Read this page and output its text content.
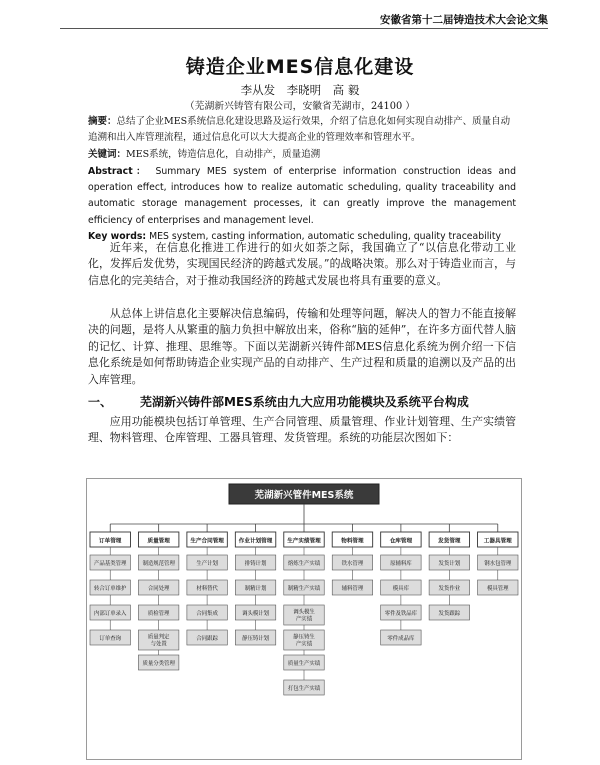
安徽省第十二届铸造技术大会论文集
铸造企业MES信息化建设
李从发　李晓明　高 毅
（芜湖新兴铸管有限公司，安徽省芜湖市，24100 ）
摘要：总结了企业MES系统信息化建设思路及运行效果，介绍了信息化如何实现自动排产、质量自动追溯和出入库管理流程，通过信息化可以大大提高企业的管理效率和管理水平。
关键词：MES系统，铸造信息化，自动排产，质量追溯
Abstract： Summary MES system of enterprise information construction ideas and operation effect, introduces how to realize automatic scheduling, quality traceability and automatic storage management processes, it can greatly improve the management efficiency of enterprises and management level.
Key words: MES system, casting information, automatic scheduling, quality traceability

近年来，在信息化推进工作进行的如火如荼之际，我国确立了“以信息化带动工业化，发挥后发优势，实现国民经济的跨越式发展。”的战略决策。那么对于铸造业而言，与信息化的完美结合，对于推动我国经济的跨越式发展也将具有重要的意义。

从总体上讲信息化主要解决信息编码，传输和处理等问题，解决人的智力不能直接解决的问题，是将人从繁重的脑力负担中解放出来，俗称“脑的延伸”，在许多方面代替人脑的记忆、计算、推理、思维等。下面以芜湖新兴铸件部MES信息化系统为例介绍一下信息化系统是如何帮助铸造企业实现产品的自动排产、生产过程和质量的追溯以及产品的出入库管理。

一、 芜湖新兴铸件部MES系统由九大应用功能模块及系统平台构成

应用功能模块包括订单管理、生产合同管理、质量管理、作业计划管理、生产实绩管理、物料管理、仓库管理、工器具管理、发货管理。系统的功能层次图如下：

芜湖新兴管件MES系统
订单管理
产品基类管理
转合订单维护
内部订单录入
订单查询
质量管理
制造规范管理
合同处理
质检管理
质量判定与处置
质量分类管理
生产合同管理
生产计划
材料替代
合同集成
合同跟踪
作业计划管理
排铸计划
制精计划
调头模计划
静压铸计划
生产实绩管理
熔炼生产实绩
制精生产实绩
调头模生产实绩
静压铸生产实绩
质量生产实绩
打包生产实绩
物料管理
铁水管理
辅料管理
仓库管理
原辅料库
模具库
零件及铁品库
零件成品库
发货管理
发货计划
发货作业
发货跟踪
工器具管理
钢水包管理
模具管理
